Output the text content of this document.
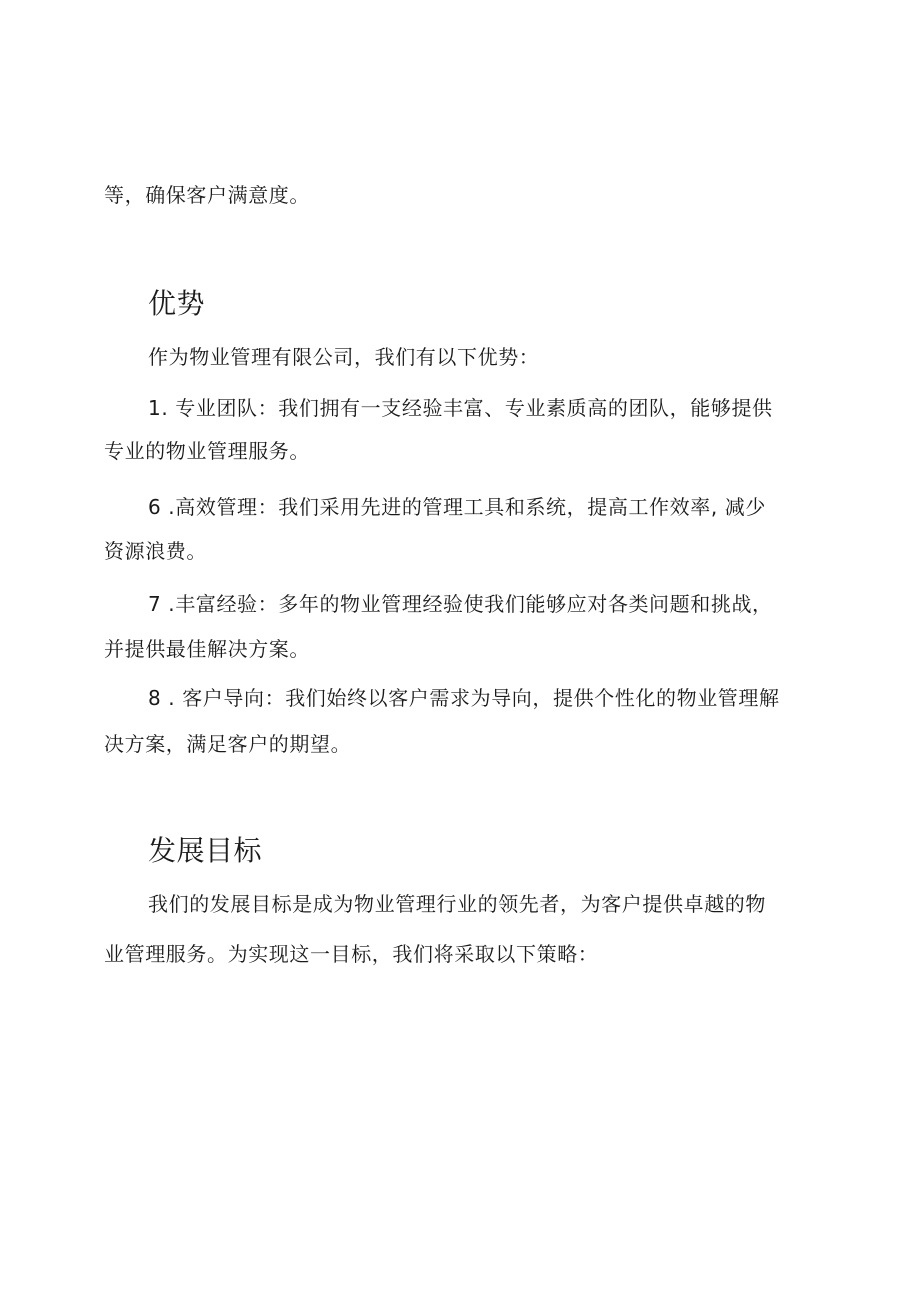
等，确保客户满意度。
优势
作为物业管理有限公司，我们有以下优势：
1. 专业团队：我们拥有一支经验丰富、专业素质高的团队，能够提供
专业的物业管理服务。
6 .高效管理：我们采用先进的管理工具和系统，提高工作效率, 减少
资源浪费。
7 .丰富经验：多年的物业管理经验使我们能够应对各类问题和挑战，
并提供最佳解决方案。
8 . 客户导向：我们始终以客户需求为导向，提供个性化的物业管理解
决方案，满足客户的期望。
发展目标
我们的发展目标是成为物业管理行业的领先者，为客户提供卓越的物
业管理服务。为实现这一目标，我们将采取以下策略：
